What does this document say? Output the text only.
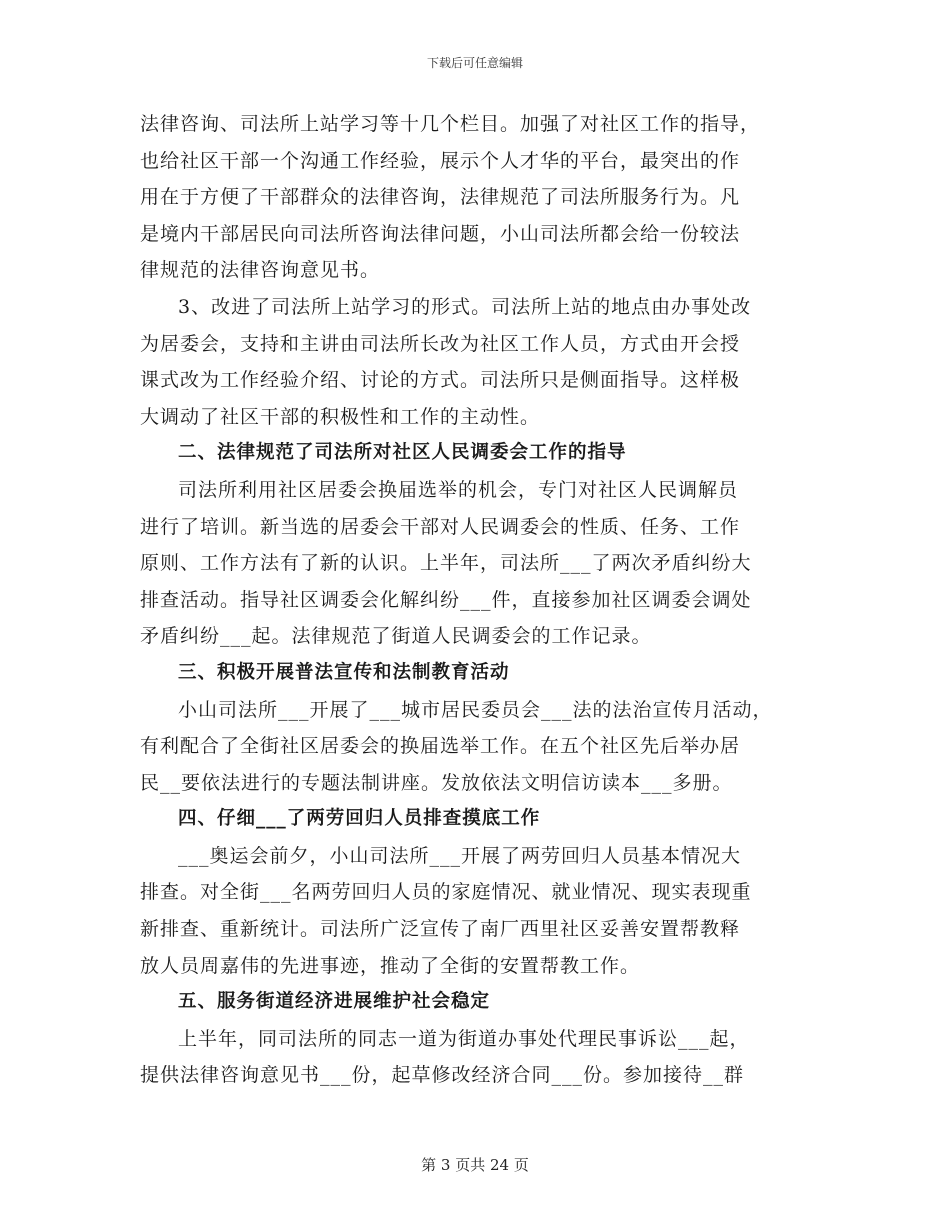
下载后可任意编辑
法律咨询、司法所上站学习等十几个栏目。加强了对社区工作的指导，
也给社区干部一个沟通工作经验，展示个人才华的平台，最突出的作
用在于方便了干部群众的法律咨询，法律规范了司法所服务行为。凡
是境内干部居民向司法所咨询法律问题，小山司法所都会给一份较法
律规范的法律咨询意见书。
3、改进了司法所上站学习的形式。司法所上站的地点由办事处改
为居委会，支持和主讲由司法所长改为社区工作人员，方式由开会授
课式改为工作经验介绍、讨论的方式。司法所只是侧面指导。这样极
大调动了社区干部的积极性和工作的主动性。
二、法律规范了司法所对社区人民调委会工作的指导
司法所利用社区居委会换届选举的机会，专门对社区人民调解员
进行了培训。新当选的居委会干部对人民调委会的性质、任务、工作
原则、工作方法有了新的认识。上半年，司法所___了两次矛盾纠纷大
排查活动。指导社区调委会化解纠纷___件，直接参加社区调委会调处
矛盾纠纷___起。法律规范了街道人民调委会的工作记录。
三、积极开展普法宣传和法制教育活动
小山司法所___开展了___城市居民委员会___法的法治宣传月活动，
有利配合了全街社区居委会的换届选举工作。在五个社区先后举办居
民__要依法进行的专题法制讲座。发放依法文明信访读本___多册。
四、仔细___了两劳回归人员排查摸底工作
___奥运会前夕，小山司法所___开展了两劳回归人员基本情况大
排查。对全街___名两劳回归人员的家庭情况、就业情况、现实表现重
新排查、重新统计。司法所广泛宣传了南厂西里社区妥善安置帮教释
放人员周嘉伟的先进事迹，推动了全街的安置帮教工作。
五、服务街道经济进展维护社会稳定
上半年，同司法所的同志一道为街道办事处代理民事诉讼___起，
提供法律咨询意见书___份，起草修改经济合同___份。参加接待__群
第 3 页共 24 页
